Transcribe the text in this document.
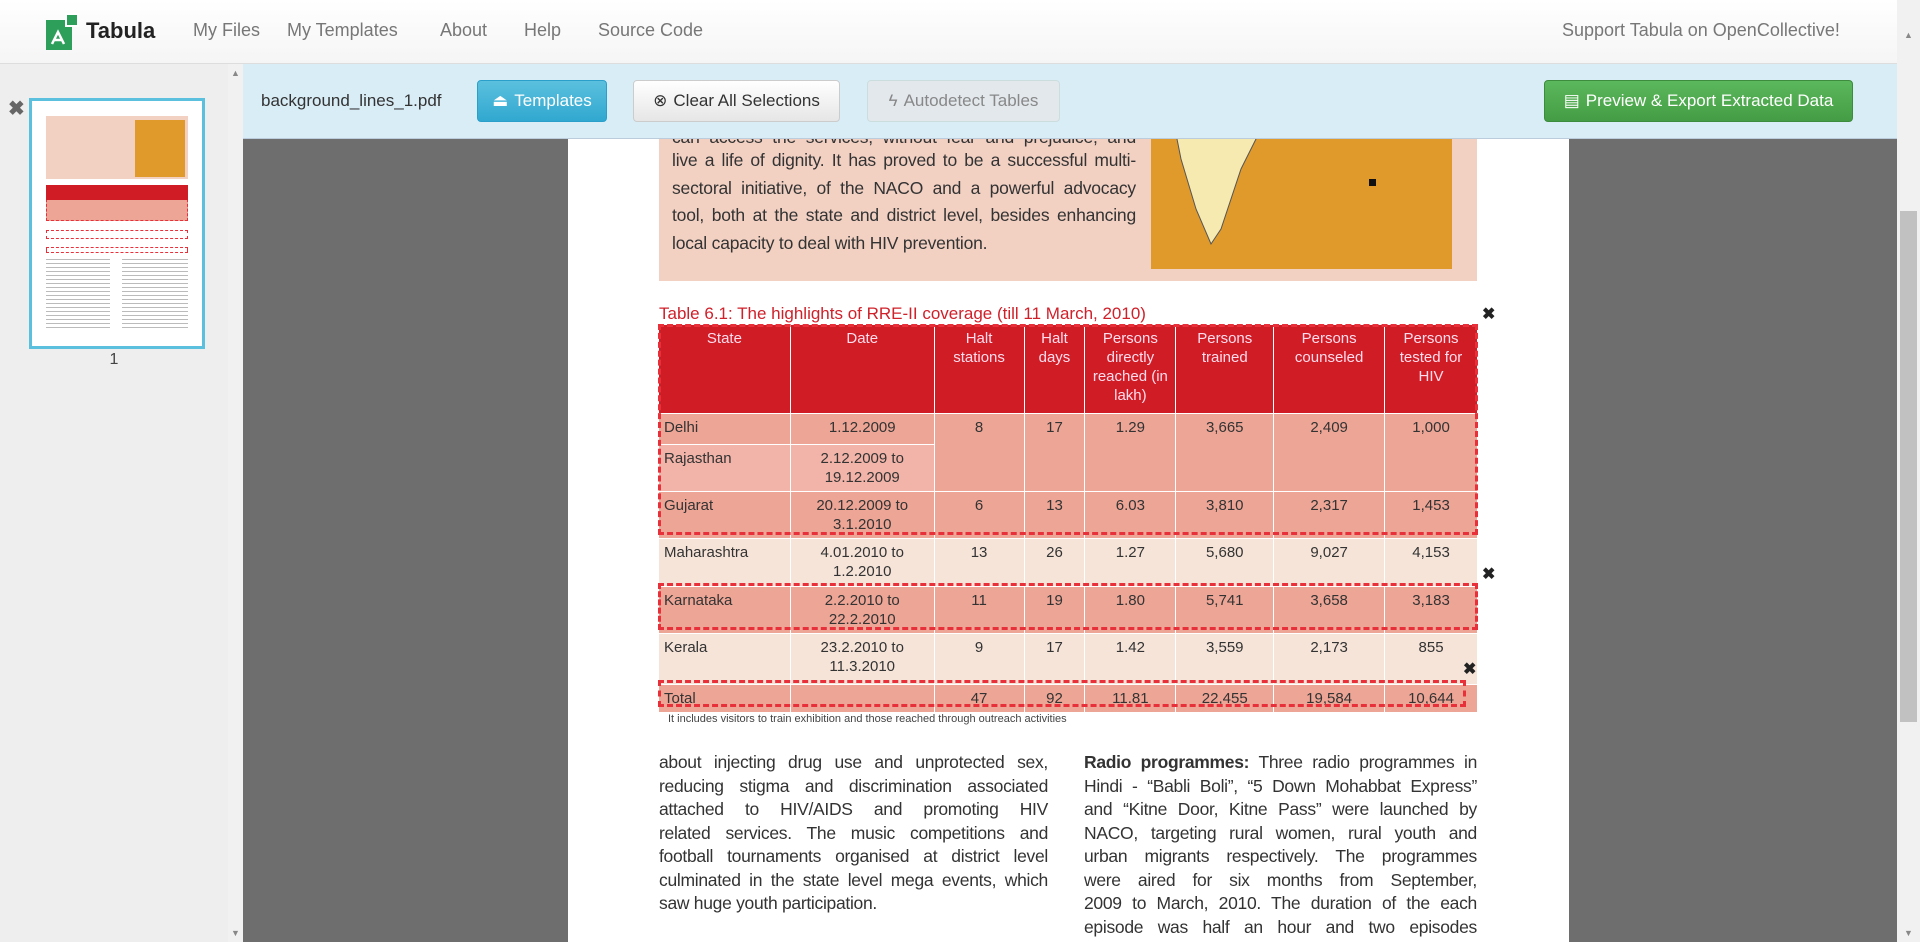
Tabula My Files My Templates About Help Source Code	Support Tabula on OpenCollective!
▲
▼
✖
1
background_lines_1.pdf	⏏ Templates	⊗ Clear All Selections	ϟ Autodetect Tables	▤ Preview & Export Extracted Data
▲
▼
live a life of dignity. It has proved to be a successful multi-
sectoral initiative, of the NACO and a powerful advocacy
tool, both at the state and district level, besides enhancing
local capacity to deal with HIV prevention.
Table 6.1: The highlights of RRE-II coverage (till 11 March, 2010)
State	Date	Halt stations	Halt days	Persons directly reached (in lakh)	Persons trained	Persons counseled	Persons tested for HIV
Delhi	1.12.2009	8	17	1.29	3,665	2,409	1,000
Rajasthan	2.12.2009 to 19.12.2009						
Gujarat	20.12.2009 to 3.1.2010	6	13	6.03	3,810	2,317	1,453
Maharashtra	4.01.2010 to 1.2.2010	13	26	1.27	5,680	9,027	4,153
Karnataka	2.2.2010 to 22.2.2010	11	19	1.80	5,741	3,658	3,183
Kerala	23.2.2010 to 11.3.2010	9	17	1.42	3,559	2,173	855
Total		47	92	11.81	22,455	19,584	10,644
✖
✖
✖
It includes visitors to train exhibition and those reached through outreach activities
about injecting drug use and unprotected sex,
reducing stigma and discrimination associated
attached to HIV/AIDS and promoting HIV
related services. The music competitions and
football tournaments organised at district level
culminated in the state level mega events, which
saw huge youth participation.
Radio programmes: Three radio programmes in
Hindi - “Babli Boli”, “5 Down Mohabbat Express”
and “Kitne Door, Kitne Pass” were launched by
NACO, targeting rural women, rural youth and
urban migrants respectively. The programmes
were aired for six months from September,
2009 to March, 2010. The duration of the each
episode was half an hour and two episodes
